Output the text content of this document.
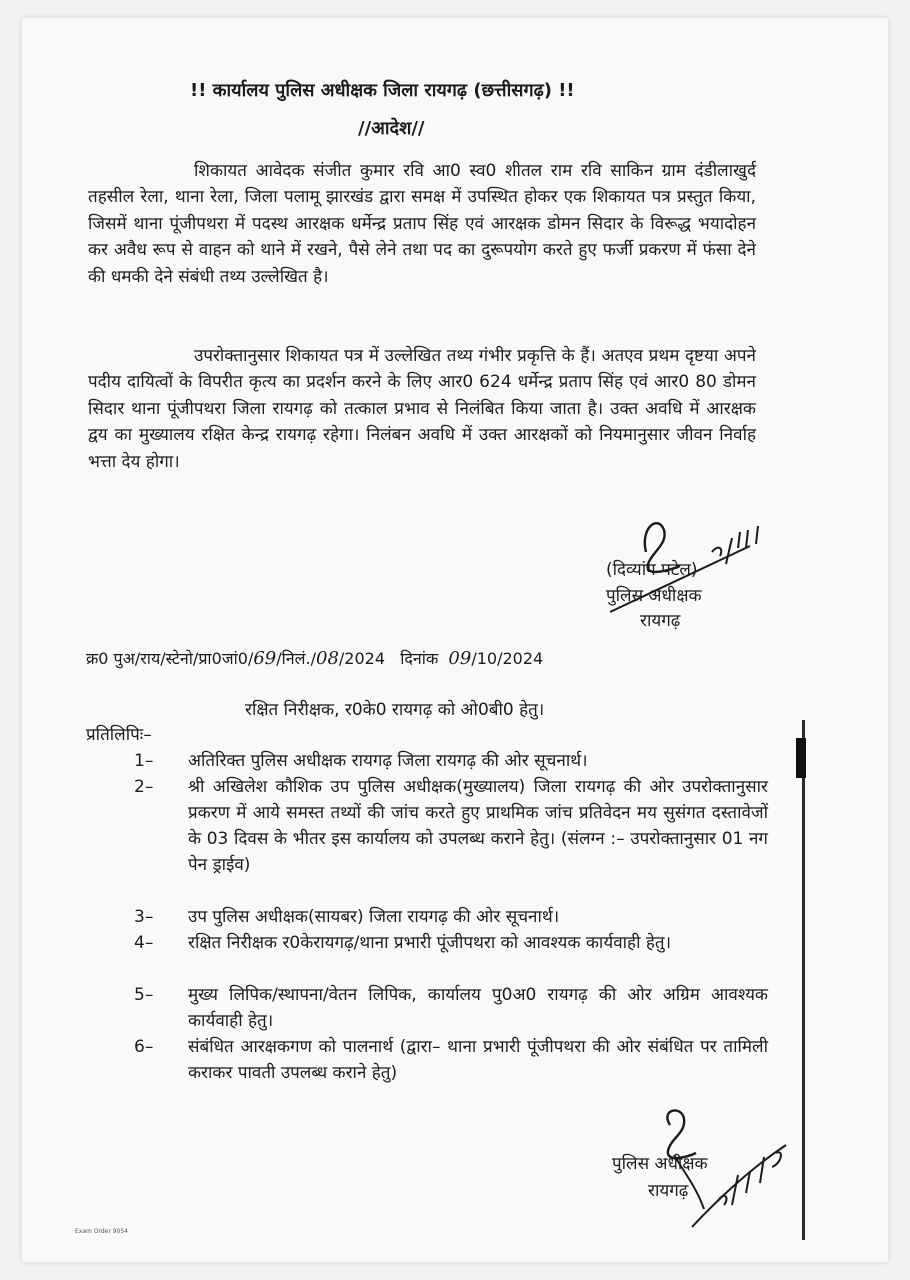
!! कार्यालय पुलिस अधीक्षक जिला रायगढ़ (छत्तीसगढ़) !!
//आदेश//
शिकायत आवेदक संजीत कुमार रवि आ0 स्व0 शीतल राम रवि साकिन ग्राम दंडीलाखुर्द तहसील रेला, थाना रेला, जिला पलामू झारखंड द्वारा समक्ष में उपस्थित होकर एक शिकायत पत्र प्रस्तुत किया, जिसमें थाना पूंजीपथरा में पदस्थ आरक्षक धर्मेन्द्र प्रताप सिंह एवं आरक्षक डोमन सिदार के विरूद्ध भयादोहन कर अवैध रूप से वाहन को थाने में रखने, पैसे लेने तथा पद का दुरूपयोग करते हुए फर्जी प्रकरण में फंसा देने की धमकी देने संबंधी तथ्य उल्लेखित है।
उपरोक्तानुसार शिकायत पत्र में उल्लेखित तथ्य गंभीर प्रकृत्ति के हैं। अतएव प्रथम दृष्टया अपने पदीय दायित्वों के विपरीत कृत्य का प्रदर्शन करने के लिए आर0 624 धर्मेन्द्र प्रताप सिंह एवं आर0 80 डोमन सिदार थाना पूंजीपथरा जिला रायगढ़ को तत्काल प्रभाव से निलंबित किया जाता है। उक्त अवधि में आरक्षक द्वय का मुख्यालय रक्षित केन्द्र रायगढ़ रहेगा। निलंबन अवधि में उक्त आरक्षकों को नियमानुसार जीवन निर्वाह भत्ता देय होगा।
(दिव्यांग पटेल)
पुलिस अधीक्षक
रायगढ़
क्र0 पुअ/राय/स्टेनो/प्रा0जां0/69/निलं./08/2024 दिनांक 09/10/2024
रक्षित निरीक्षक, र0के0 रायगढ़ को ओ0बी0 हेतु।
प्रतिलिपिः–
1– अतिरिक्त पुलिस अधीक्षक रायगढ़ जिला रायगढ़ की ओर सूचनार्थ।
2– श्री अखिलेश कौशिक उप पुलिस अधीक्षक(मुख्यालय) जिला रायगढ़ की ओर उपरोक्तानुसार प्रकरण में आये समस्त तथ्यों की जांच करते हुए प्राथमिक जांच प्रतिवेदन मय सुसंगत दस्तावेजों के 03 दिवस के भीतर इस कार्यालय को उपलब्ध कराने हेतु। (संलग्न :– उपरोक्तानुसार 01 नग पेन ड्राईव)
3– उप पुलिस अधीक्षक(सायबर) जिला रायगढ़ की ओर सूचनार्थ।
4– रक्षित निरीक्षक र0केरायगढ़/थाना प्रभारी पूंजीपथरा को आवश्यक कार्यवाही हेतु।
5– मुख्य लिपिक/स्थापना/वेतन लिपिक, कार्यालय पु0अ0 रायगढ़ की ओर अग्रिम आवश्यक कार्यवाही हेतु।
6– संबंधित आरक्षकगण को पालनार्थ (द्वारा– थाना प्रभारी पूंजीपथरा की ओर संबंधित पर तामिली कराकर पावती उपलब्ध कराने हेतु)
पुलिस अधीक्षक
रायगढ़
Exam Order 9054
